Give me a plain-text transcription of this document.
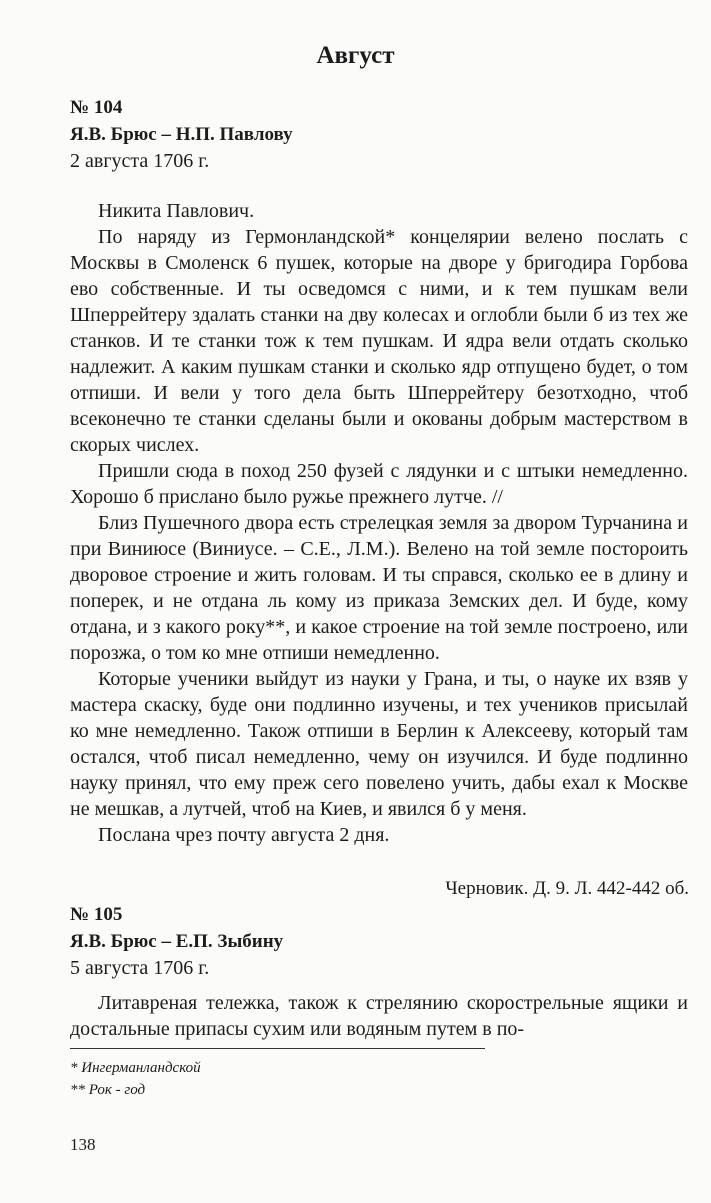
Август
№ 104
Я.В. Брюс – Н.П. Павлову
2 августа 1706 г.

Никита Павлович.

По наряду из Гермонландской* концелярии велено послать с Москвы в Смоленск 6 пушек, которые на дворе у бригодира Горбова ево собственные. И ты осведомся с ними, и к тем пушкам вели Шперрейтеру здалать станки на дву колесах и оглобли были б из тех же станков. И те станки тож к тем пушкам. И ядра вели отдать сколько надлежит. А каким пушкам станки и сколько ядр отпущено будет, о том отпиши. И вели у того дела быть Шперрейтеру безотходно, чтоб всеконечно те станки сделаны были и окованы добрым мастерством в скорых числех.

Пришли сюда в поход 250 фузей с лядунки и с штыки немедленно. Хорошо б прислано было ружье прежнего лутче. //

Близ Пушечного двора есть стрелецкая земля за двором Турчанина и при Виниюсе (Виниусе. – С.Е., Л.М.). Велено на той земле посторoить дворовое строение и жить головам. И ты справся, сколько ее в длину и поперек, и не отдана ль кому из приказа Земских дел. И буде, кому отдана, и з какого року**, и какое строение на той земле построено, или порозжа, о том ко мне отпиши немедленно.

Которые ученики выйдут из науки у Грана, и ты, о науке их взяв у мастера скаску, буде они подлинно изучены, и тех учеников присылай ко мне немедленно. Також отпиши в Берлин к Алексееву, который там остался, чтоб писал немедленно, чему он изучился. И буде подлинно науку принял, что ему преж сего повелено учить, дабы ехал к Москве не мешкав, а лутчей, чтоб на Киев, и явился б у меня.

Послана чрез почту августа 2 дня.

Черновик. Д. 9. Л. 442-442 об.
№ 105
Я.В. Брюс – Е.П. Зыбину
5 августа 1706 г.

Литавреная тележка, також к стрелянию скорострельные ящики и достальные припасы сухим или водяным путем в по-

* Ингерманландской
** Рок - год
138
